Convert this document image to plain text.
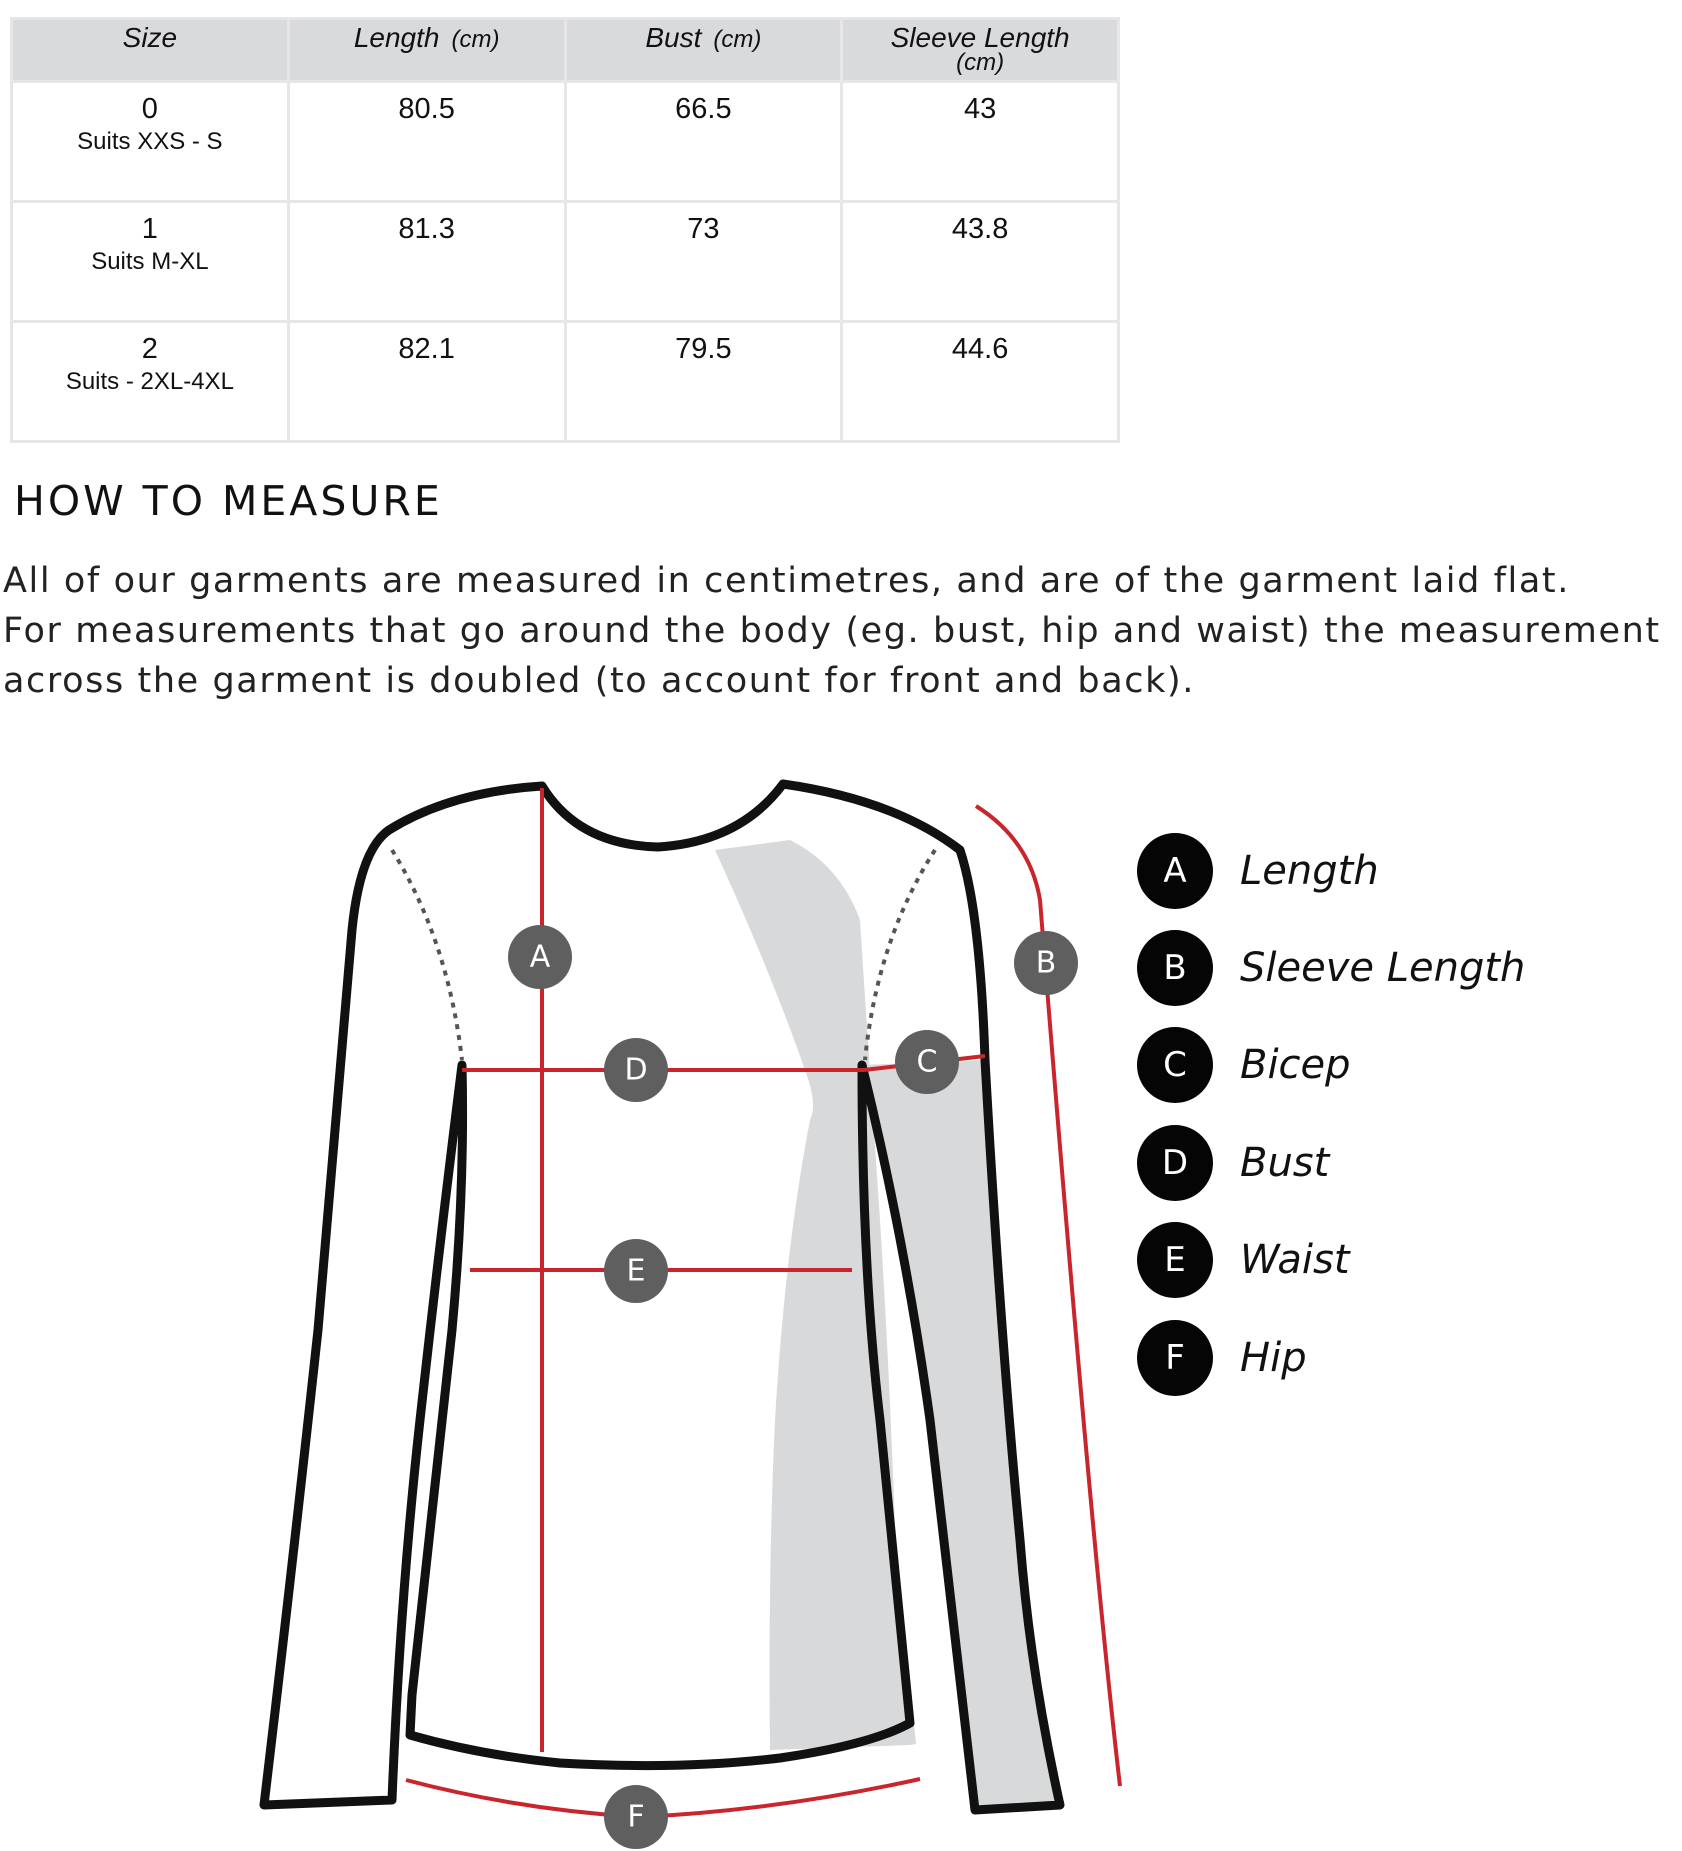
Size	Length (cm)	Bust (cm)	Sleeve Length
(cm)

0
Suits XXS - S	80.5	66.5	43

1
Suits M-XL	81.3	73	43.8

2
Suits - 2XL-4XL	82.1	79.5	44.6
HOW TO MEASURE

All of our garments are measured in centimetres, and are of the garment laid flat.
For measurements that go around the body (eg. bust, hip and waist) the measurement
across the garment is doubled (to account for front and back).

A	B
C
D
E
F
A	Length
B	Sleeve Length
C	Bicep
D	Bust
E	Waist
F	Hip
